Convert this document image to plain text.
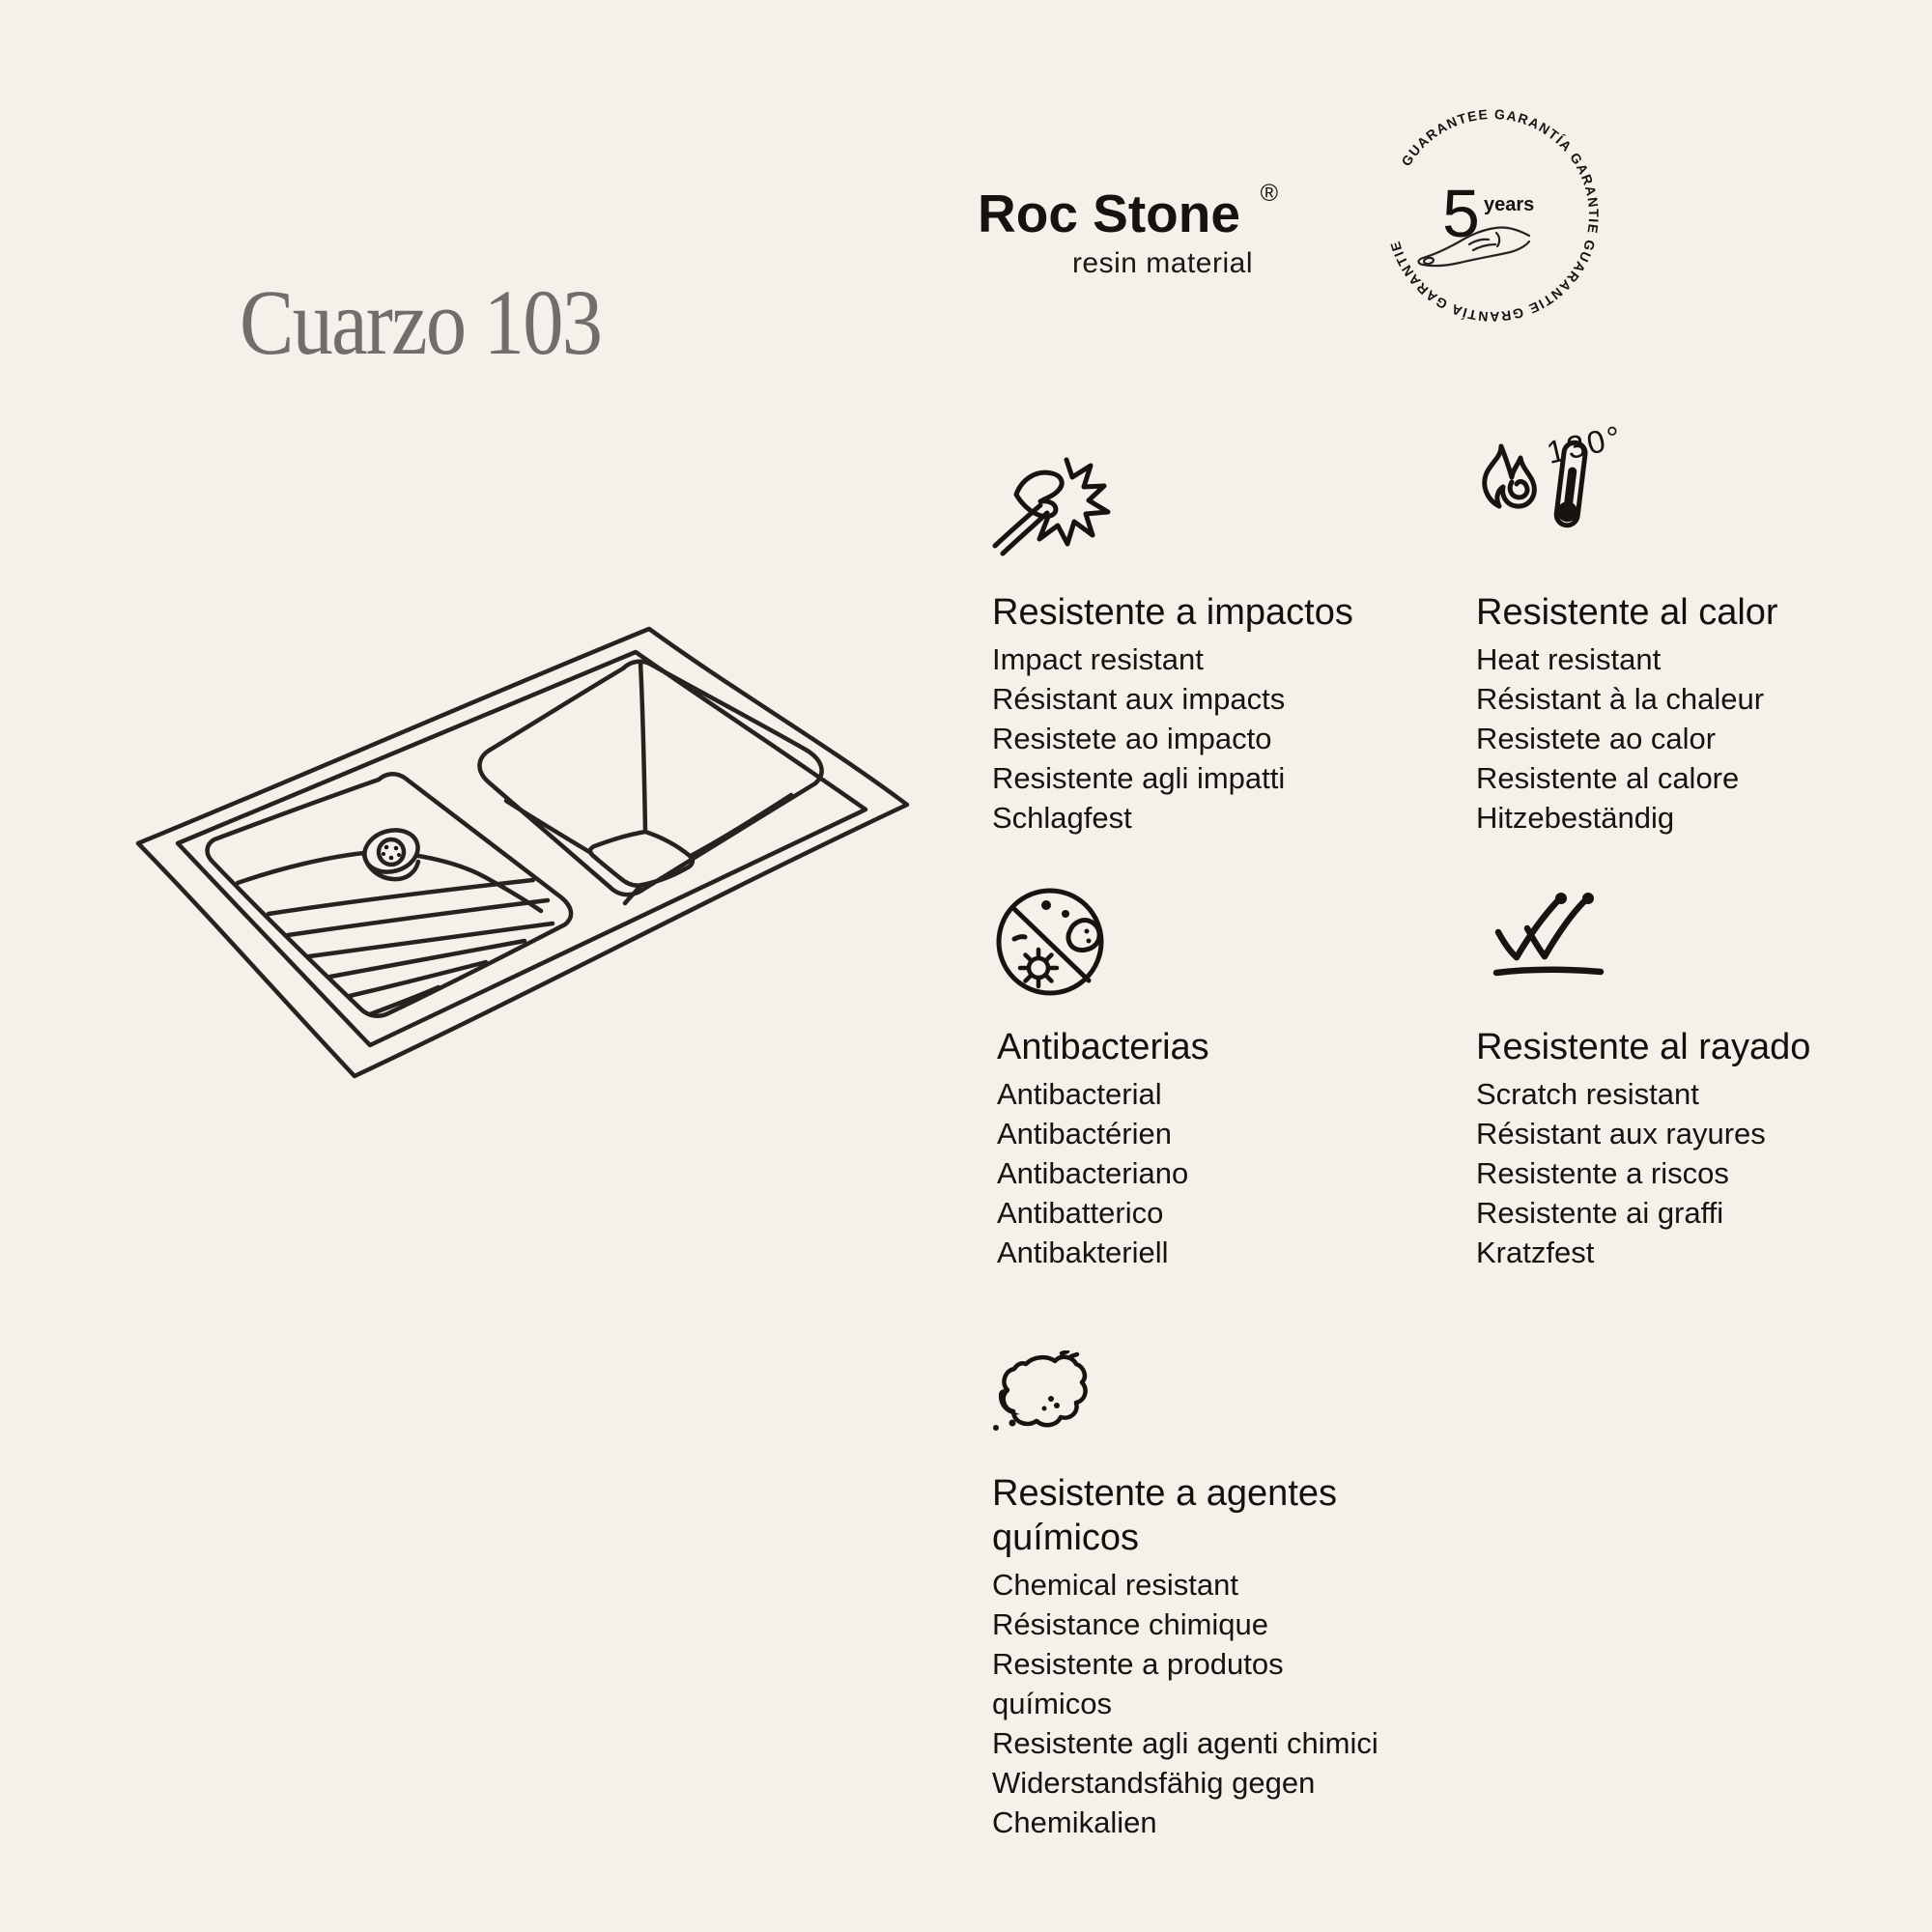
Cuarzo 103
Roc Stone ®
resin material
GUARANTEE GARANTÍA GARANTIE GUARANTIE GRANTÍA GARANTIE 5 years
Resistente a impactos
Impact resistant
Résistant aux impacts
Resistete ao impacto
Resistente agli impatti
Schlagfest
130°
Resistente al calor
Heat resistant
Résistant à la chaleur
Resistete ao calor
Resistente al calore
Hitzebeständig
Antibacterias
Antibacterial
Antibactérien
Antibacteriano
Antibatterico
Antibakteriell
Resistente al rayado
Scratch resistant
Résistant aux rayures
Resistente a riscos
Resistente ai graffi
Kratzfest
Resistente a agentes químicos
Chemical resistant
Résistance chimique
Resistente a produtos químicos
Resistente agli agenti chimici
Widerstandsfähig gegen Chemikalien
